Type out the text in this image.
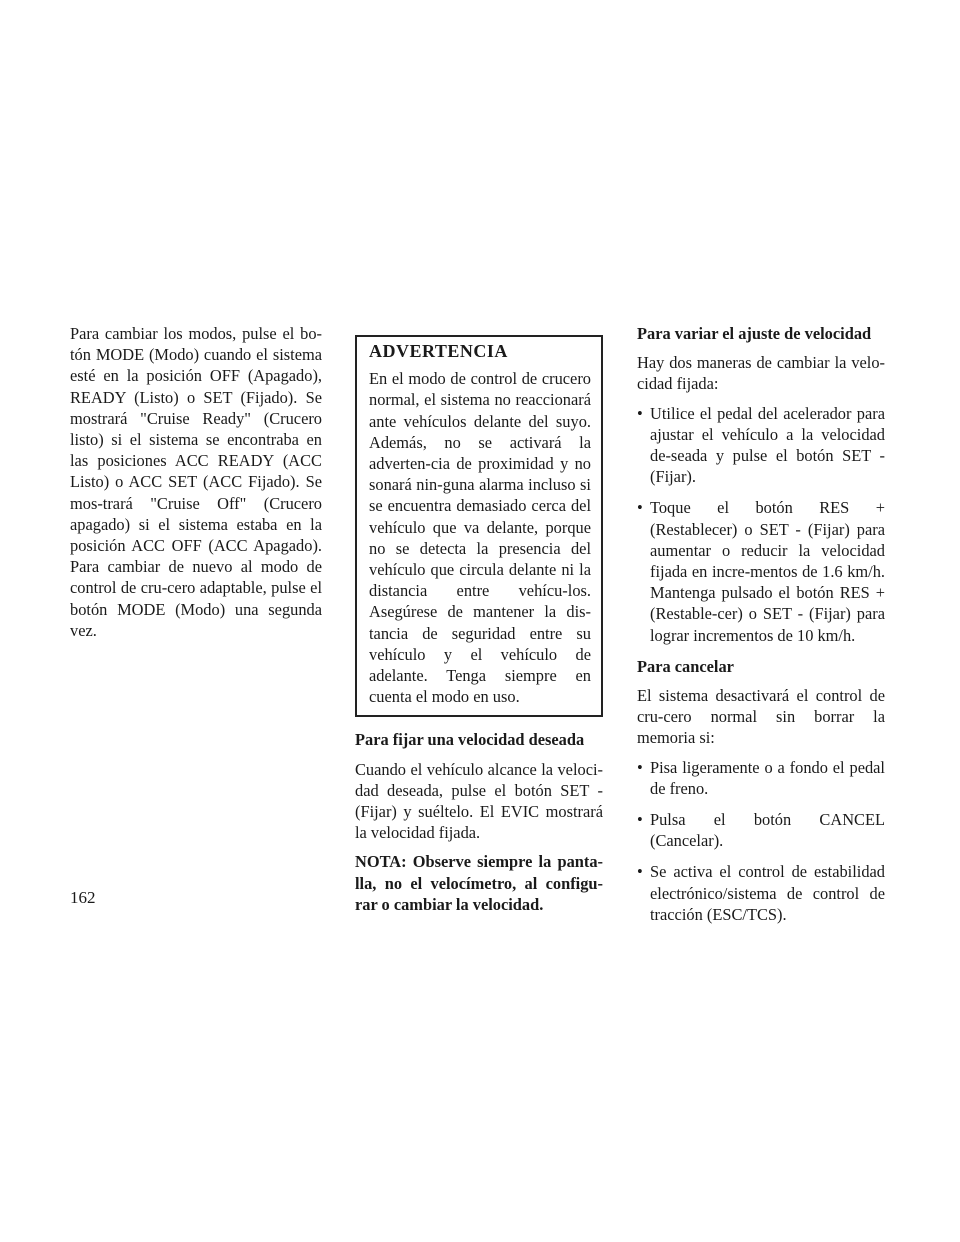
Para cambiar los modos, pulse el bo-tón MODE (Modo) cuando el sistema esté en la posición OFF (Apagado), READY (Listo) o SET (Fijado). Se mostrará "Cruise Ready" (Crucero listo) si el sistema se encontraba en las posiciones ACC READY (ACC Listo) o ACC SET (ACC Fijado). Se mos-trará "Cruise Off" (Crucero apagado) si el sistema estaba en la posición ACC OFF (ACC Apagado). Para cambiar de nuevo al modo de control de cru-cero adaptable, pulse el botón MODE (Modo) una segunda vez.

ADVERTENCIA

En el modo de control de crucero normal, el sistema no reaccionará ante vehículos delante del suyo. Además, no se activará la adverten-cia de proximidad y no sonará nin-guna alarma incluso si se encuentra demasiado cerca del vehículo que va delante, porque no se detecta la presencia del vehículo que circula delante ni la distancia entre vehícu-los. Asegúrese de mantener la dis-tancia de seguridad entre su vehículo y el vehículo de adelante. Tenga siempre en cuenta el modo en uso.

Para fijar una velocidad deseada

Cuando el vehículo alcance la veloci-dad deseada, pulse el botón SET - (Fijar) y suéltelo. El EVIC mostrará la velocidad fijada.

NOTA: Observe siempre la panta-lla, no el velocímetro, al configu-rar o cambiar la velocidad.

Para variar el ajuste de velocidad

Hay dos maneras de cambiar la velo-cidad fijada:

• Utilice el pedal del acelerador para ajustar el vehículo a la velocidad de-seada y pulse el botón SET - (Fijar).
• Toque el botón RES + (Restablecer) o SET - (Fijar) para aumentar o reducir la velocidad fijada en incre-mentos de 1.6 km/h. Mantenga pulsado el botón RES + (Restable-cer) o SET - (Fijar) para lograr incrementos de 10 km/h.
Para cancelar

El sistema desactivará el control de cru-cero normal sin borrar la memoria si:

• Pisa ligeramente o a fondo el pedal de freno.
• Pulsa el botón CANCEL (Cancelar).
• Se activa el control de estabilidad electrónico/sistema de control de tracción (ESC/TCS).
162
